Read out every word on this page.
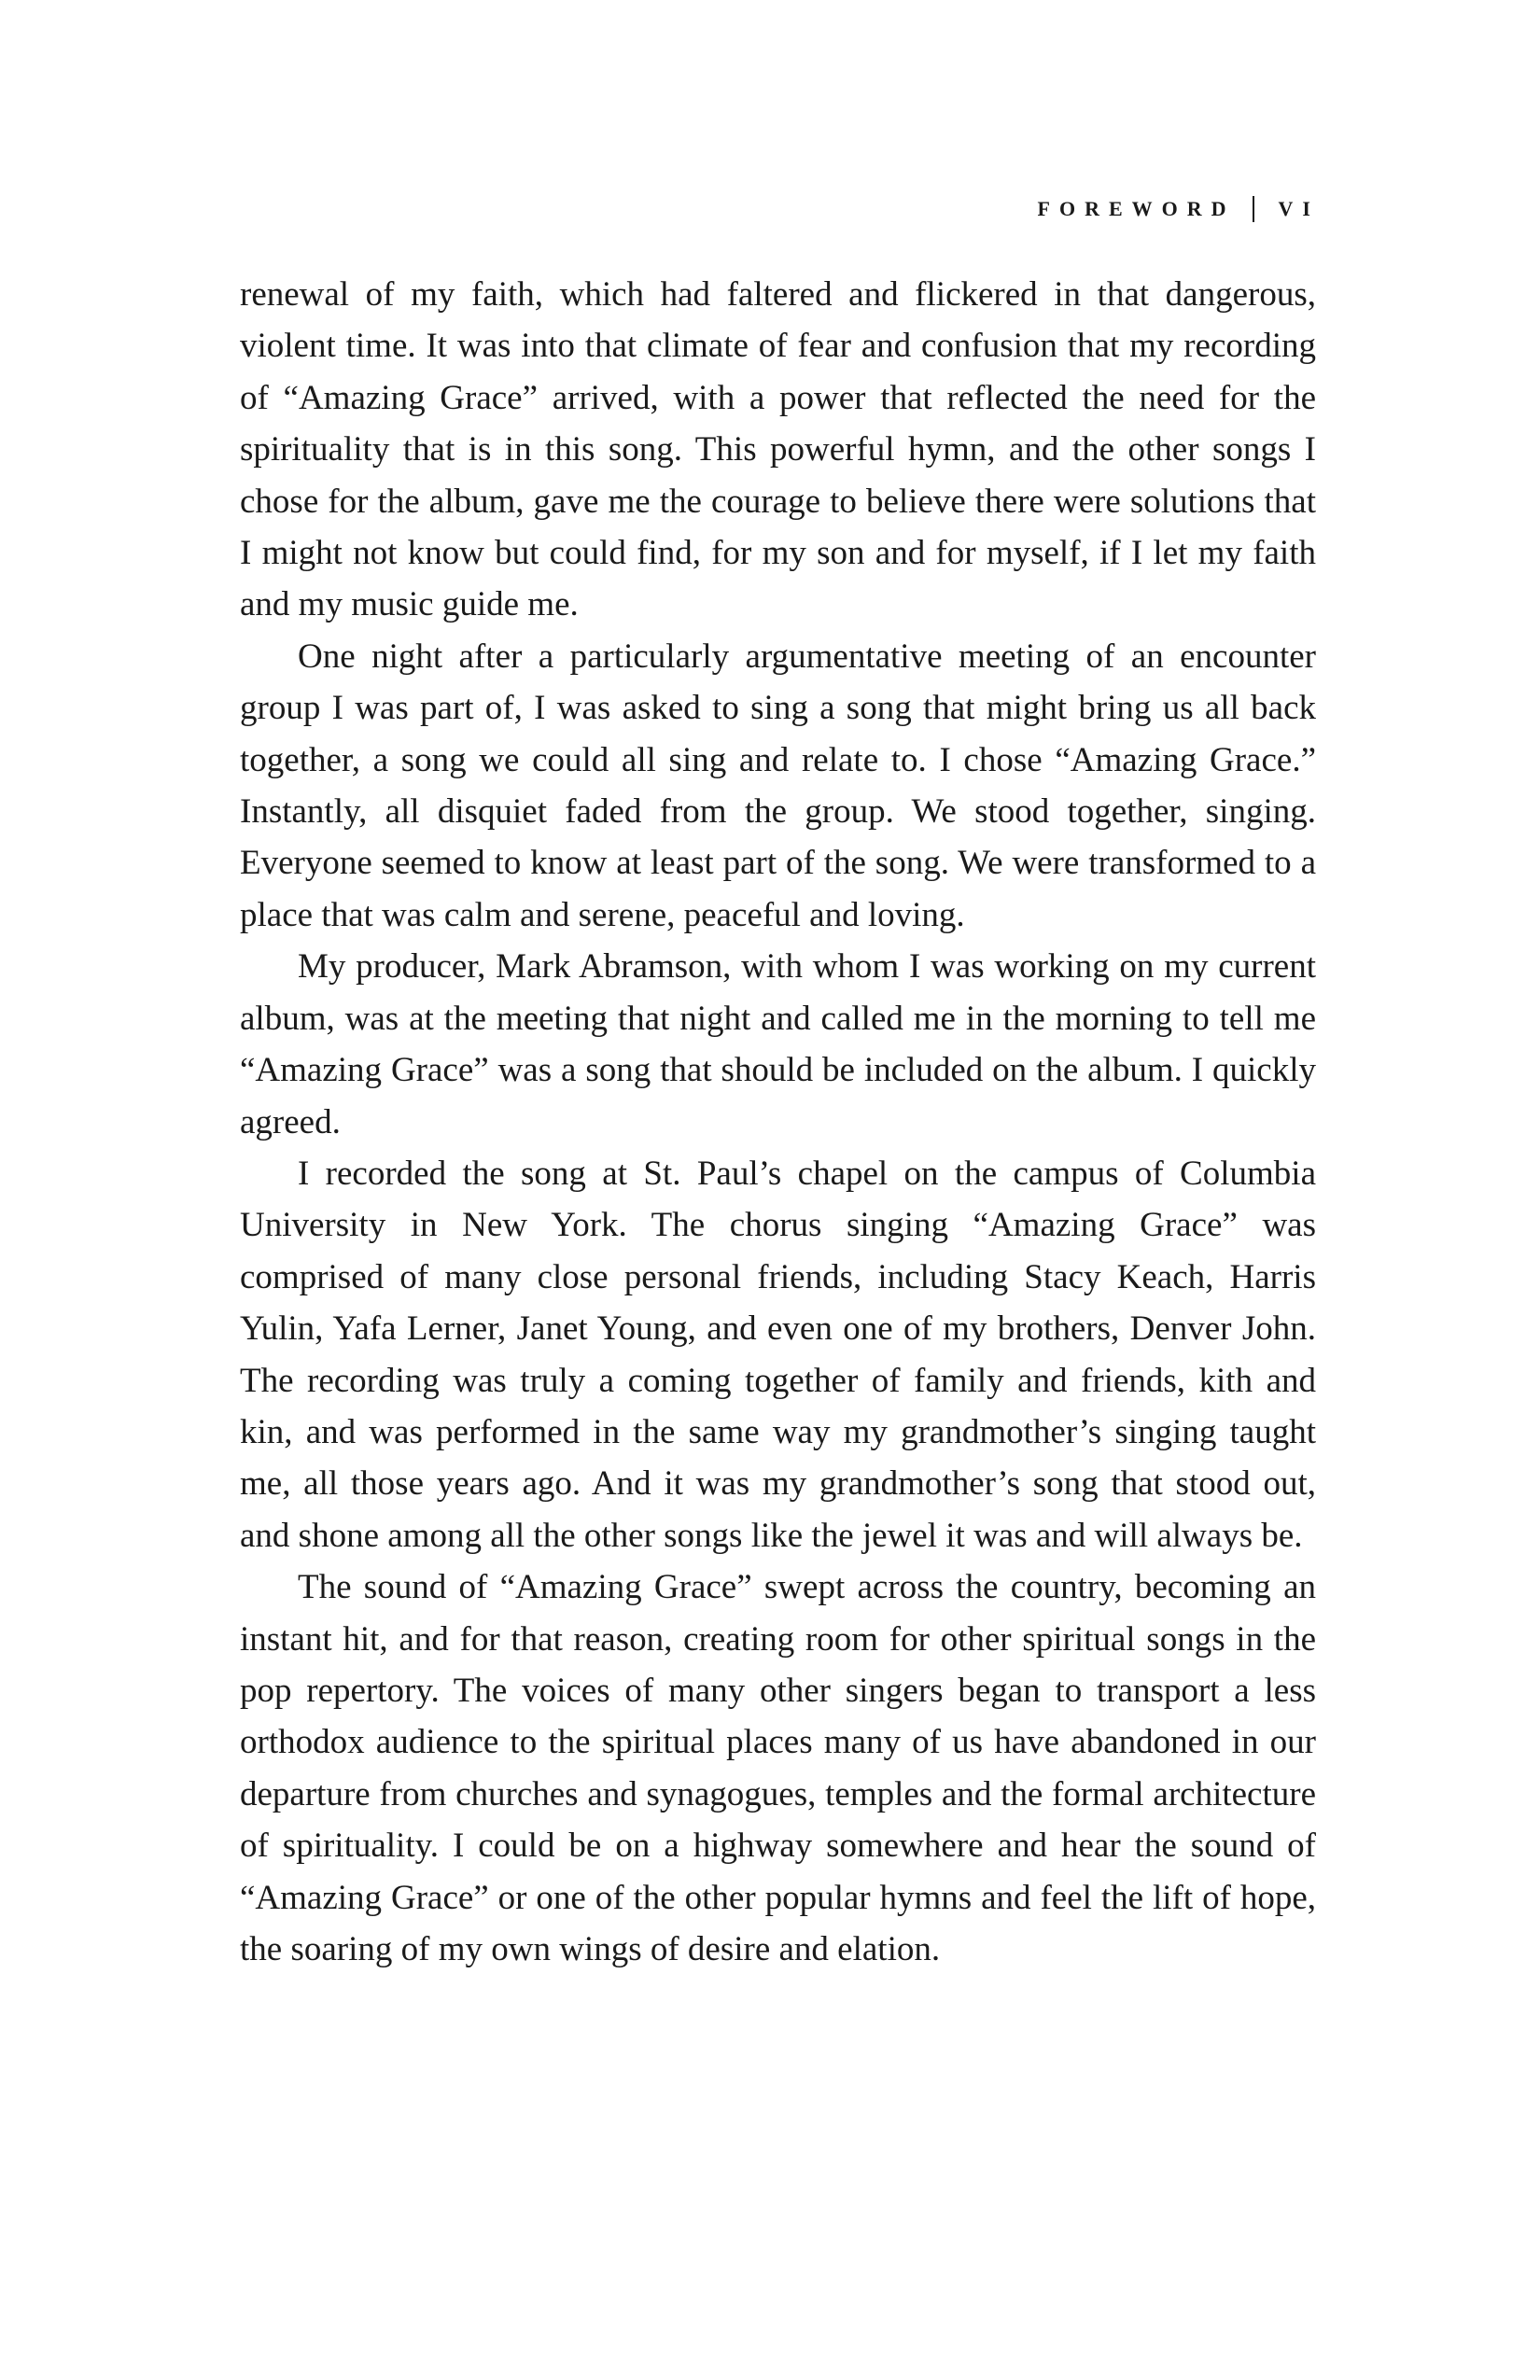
FOREWORD VI

renewal of my faith, which had faltered and flickered in that dangerous, violent time. It was into that climate of fear and confusion that my recording of “Amazing Grace” arrived, with a power that reflected the need for the spirituality that is in this song. This powerful hymn, and the other songs I chose for the album, gave me the courage to believe there were solutions that I might not know but could find, for my son and for myself, if I let my faith and my music guide me.

One night after a particularly argumentative meeting of an encounter group I was part of, I was asked to sing a song that might bring us all back together, a song we could all sing and relate to. I chose “Amazing Grace.” Instantly, all disquiet faded from the group. We stood together, singing. Everyone seemed to know at least part of the song. We were transformed to a place that was calm and serene, peaceful and loving.

My producer, Mark Abramson, with whom I was working on my current album, was at the meeting that night and called me in the morning to tell me “Amazing Grace” was a song that should be included on the album. I quickly agreed.

I recorded the song at St. Paul’s chapel on the campus of Columbia University in New York. The chorus singing “Amazing Grace” was comprised of many close personal friends, including Stacy Keach, Harris Yulin, Yafa Lerner, Janet Young, and even one of my brothers, Denver John. The recording was truly a coming together of family and friends, kith and kin, and was performed in the same way my grandmother’s singing taught me, all those years ago. And it was my grandmother’s song that stood out, and shone among all the other songs like the jewel it was and will always be.

The sound of “Amazing Grace” swept across the country, becoming an instant hit, and for that reason, creating room for other spiritual songs in the pop repertory. The voices of many other singers began to transport a less orthodox audience to the spiritual places many of us have abandoned in our departure from churches and synagogues, temples and the formal architecture of spirituality. I could be on a highway somewhere and hear the sound of “Amazing Grace” or one of the other popular hymns and feel the lift of hope, the soaring of my own wings of desire and elation.
